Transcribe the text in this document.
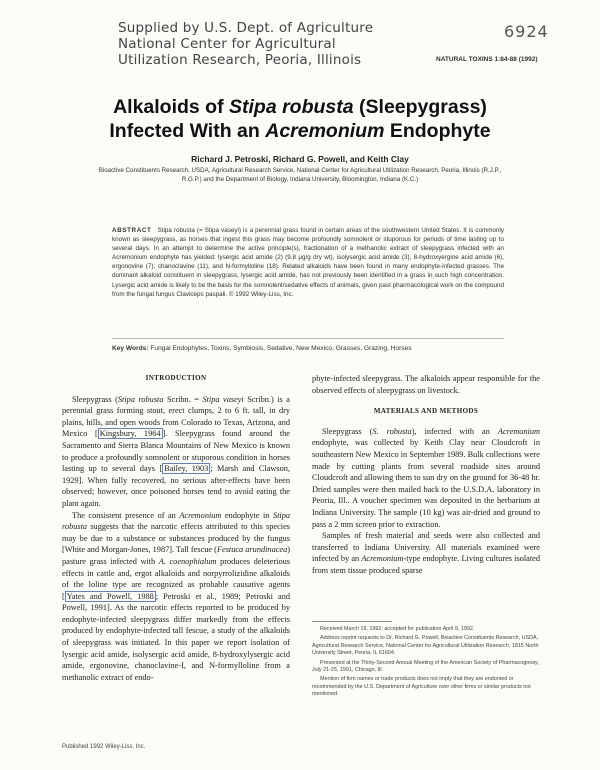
Supplied by U.S. Dept. of Agriculture
National Center for Agricultural
Utilization Research, Peoria, Illinois
6924
NATURAL TOXINS 1:84-88 (1992)
Alkaloids of Stipa robusta (Sleepygrass)
Infected With an Acremonium Endophyte
Richard J. Petroski, Richard G. Powell, and Keith Clay
Bioactive Constituents Research, USDA, Agricultural Research Service, National Center for Agricultural Utilization Research, Peoria, Illinois (R.J.P., R.G.P.) and the Department of Biology, Indiana University, Bloomington, Indiana (K.C.)
ABSTRACT Stipa robusta (= Stipa vaseyi) is a perennial grass found in certain areas of the southwestern United States. It is commonly known as sleepygrass, as horses that ingest this grass may become profoundly somnolent or stuporous for periods of time lasting up to several days. In an attempt to determine the active principle(s), fractionation of a methanolic extract of sleepygrass infected with an Acremonium endophyte has yielded: lysergic acid amide (2) (9.8 μg/g dry wt), isolysergic acid amide (3), 8-hydroxyergine acid amide (6), ergonovine (7), chanoclavine (11), and N-formylloline (18). Related alkaloids have been found in many endophyte-infected grasses. The dominant alkaloid constituent in sleepygrass, lysergic acid amide, has not previously been identified in a grass in such high concentration. Lysergic acid amide is likely to be the basis for the somnolent/sedative effects of animals, given past pharmacological work on the compound from the fungal fungus Claviceps paspali. © 1992 Wiley-Liss, Inc.
Key Words: Fungal Endophytes, Toxins, Symbiosis, Sedative, New Mexico, Grasses, Grazing, Horses
INTRODUCTION

Sleepygrass (Stipa robusta Scribn. = Stipa vaseyi Scribn.) is a perennial grass forming stout, erect clumps, 2 to 6 ft. tall, in dry plains, hills, and open woods from Colorado to Texas, Arizona, and Mexico [ Kingsbury, 1964 ]. Sleepygrass found around the Sacramento and Sierra Blanca Mountains of New Mexico is known to produce a profoundly somnolent or stuporous condition in horses lasting up to several days [ Bailey, 1903 ; Marsh and Clawson, 1929]. When fully recovered, no serious after-effects have been observed; however, once poisoned horses tend to avoid eating the plant again.

The consistent presence of an Acremonium endophyte in Stipa robusta suggests that the narcotic effects attributed to this species may be due to a substance or substances produced by the fungus [White and Morgan-Jones, 1987]. Tall fescue (Festuca arundinacea) pasture grass infected with A. coenophialum produces deleterious effects in cattle and, ergot alkaloids and norpyrrolizidine alkaloids of the loline type are recognized as probable causative agents [ Yates and Powell, 1988 ; Petroski et al., 1989; Petroski and Powell, 1991]. As the narcotic effects reported to be produced by endophyte-infected sleepygrass differ markedly from the effects produced by endophyte-infected tall fescue, a study of the alkaloids of sleepygrass was initiated. In this paper we report isolation of lysergic acid amide, isolysergic acid amide, 8-hydroxylysergic acid amide, ergonovine, chanoclavine-I, and N-formylloline from a methanolic extract of endo-

phyte-infected sleepygrass. The alkaloids appear responsible for the observed effects of sleepygrass on livestock.

MATERIALS AND METHODS

Sleepygrass (S. robusta), infected with an Acremonium endophyte, was collected by Keith Clay near Cloudcroft in southeastern New Mexico in September 1989. Bulk collections were made by cutting plants from several roadside sites around Cloudcroft and allowing them to sun dry on the ground for 36-48 hr. Dried samples were then mailed back to the U.S.D.A. laboratory in Peoria, Ill.. A voucher specimen was deposited in the herbarium at Indiana University. The sample (10 kg) was air-dried and ground to pass a 2 mm screen prior to extraction.

Samples of fresh material and seeds were also collected and transferred to Indiana University. All materials examined were infected by an Acremonium-type endophyte. Living cultures isolated from stem tissue produced sparse

Received March 19, 1992; accepted for publication April 9, 1992.

Address reprint requests to Dr. Richard G. Powell, Bioactive Constituents Research, USDA, Agricultural Research Service, National Center for Agricultural Utilization Research, 1815 North University Street, Peoria, IL 61604.

Presented at the Thirty-Second Annual Meeting of the American Society of Pharmacognosy, July 21-25, 1991, Chicago, Ill.

Mention of firm names or trade products does not imply that they are endorsed or recommended by the U.S. Department of Agriculture over other firms or similar products not mentioned.

Published 1992 Wiley-Liss, Inc.
